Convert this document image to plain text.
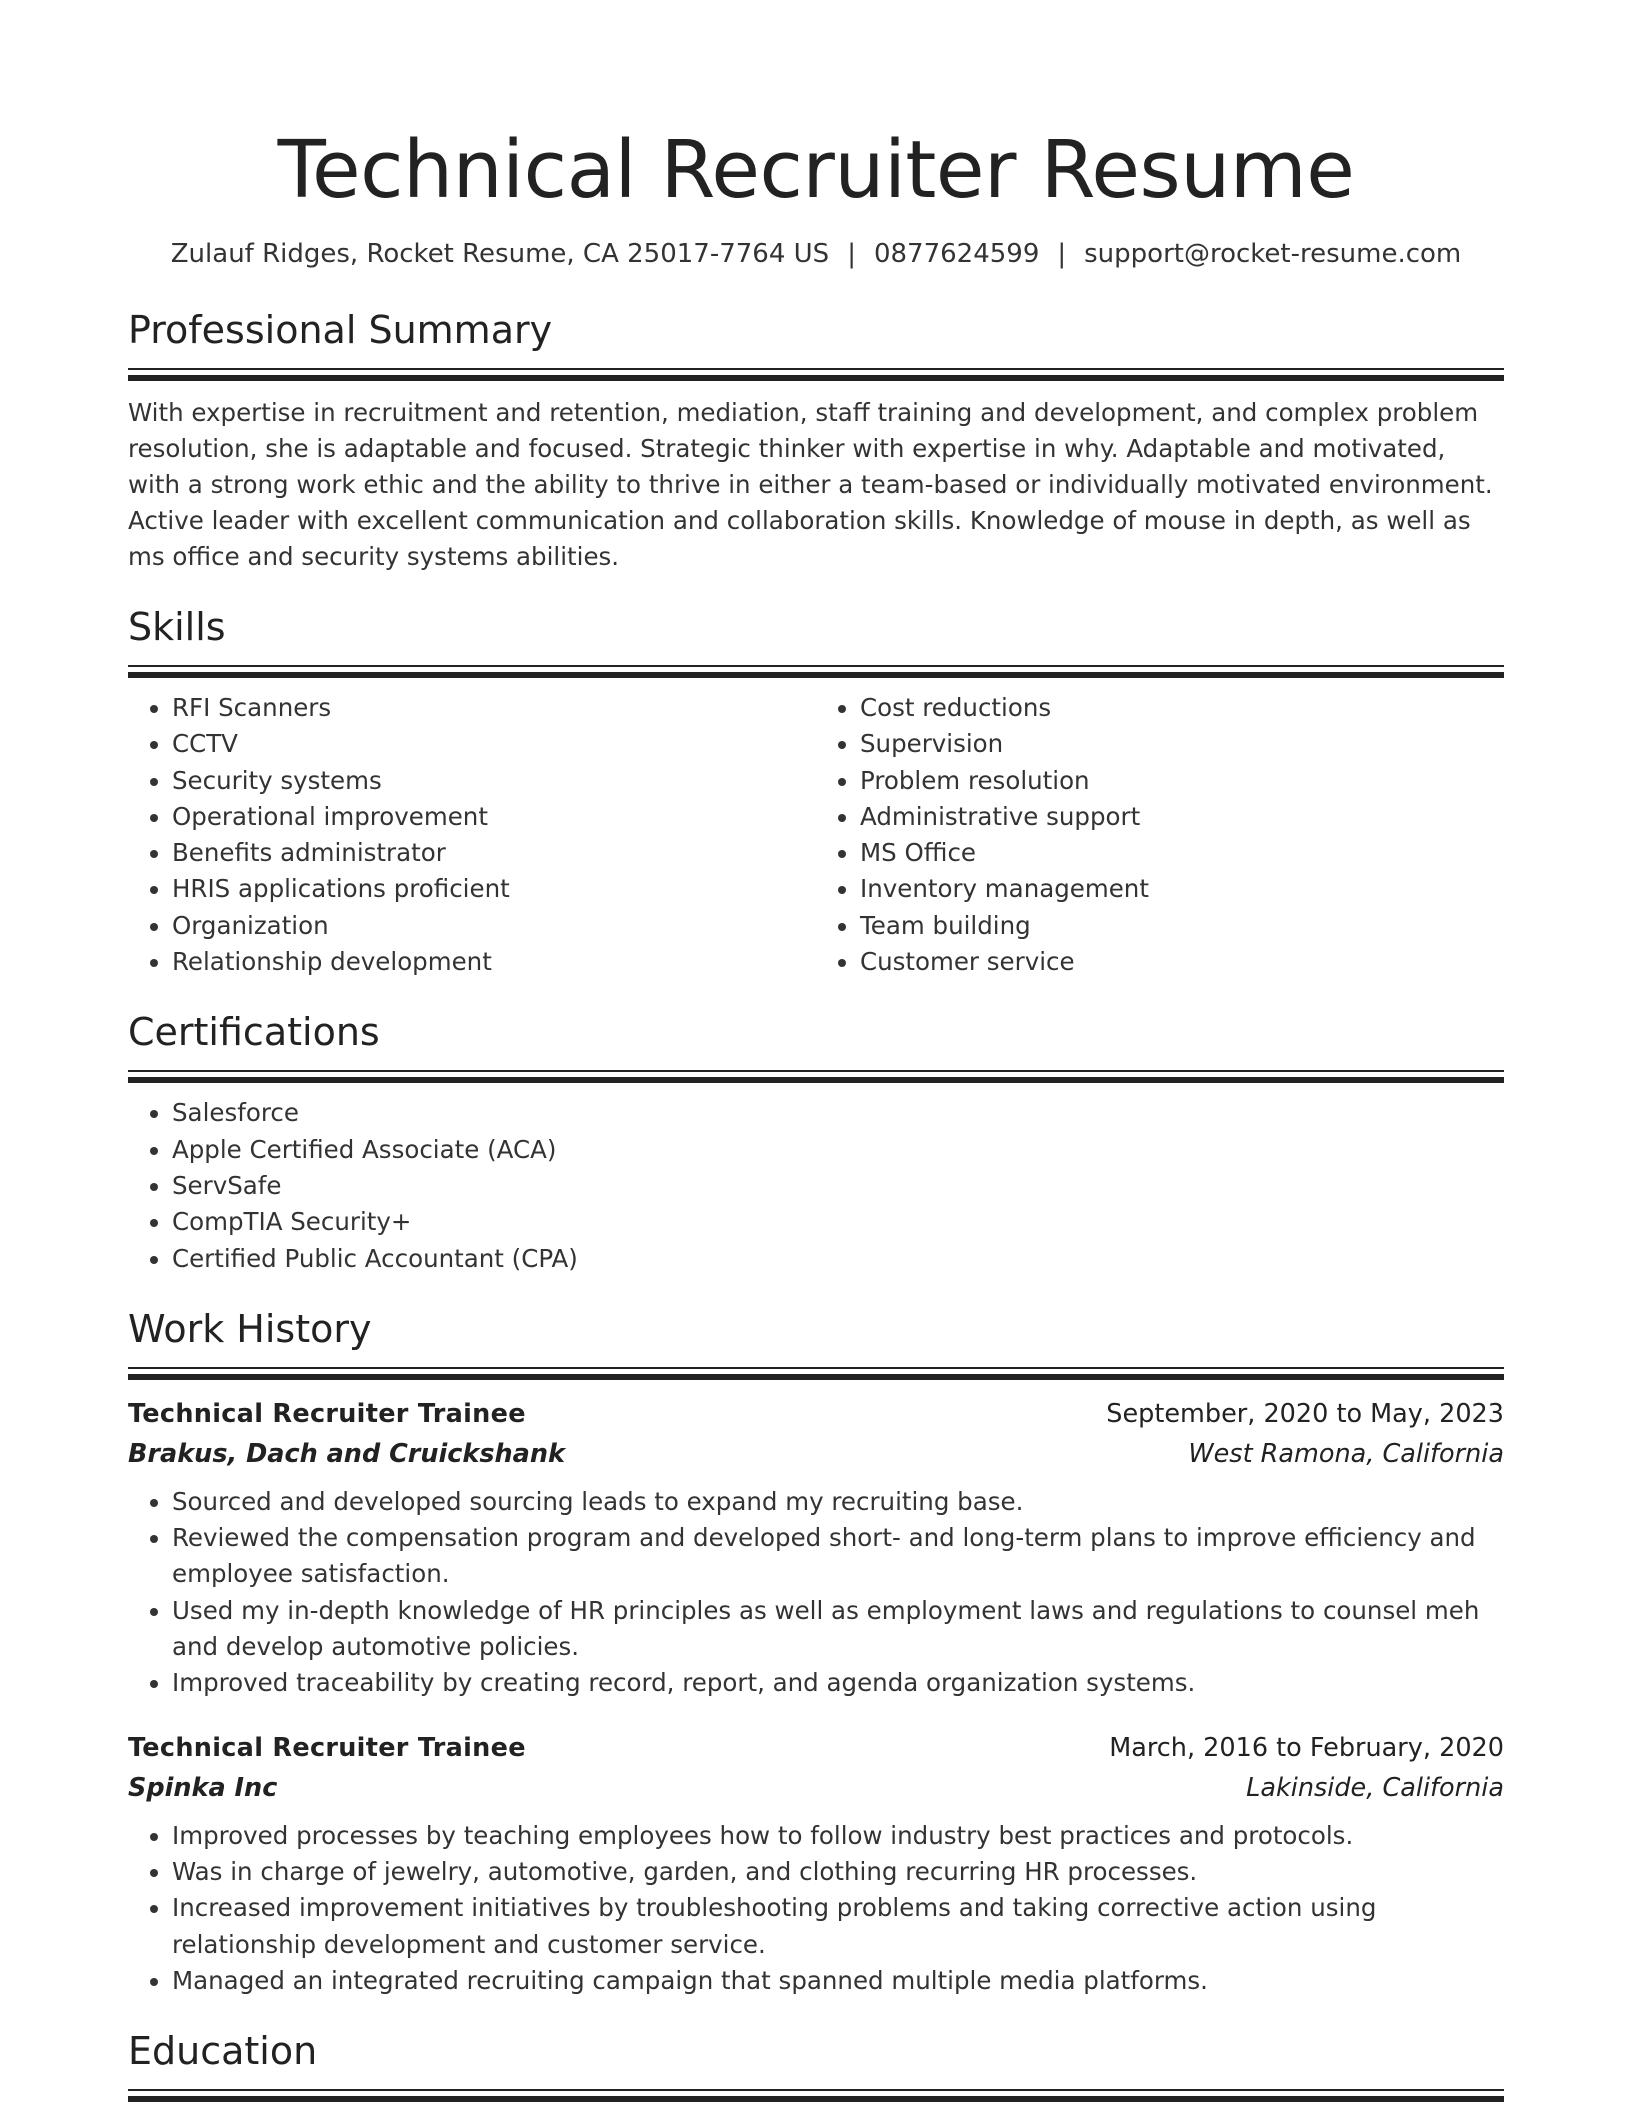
Technical Recruiter Resume
Zulauf Ridges, Rocket Resume, CA 25017-7764 US | 0877624599 | support@rocket-resume.com
Professional Summary
With expertise in recruitment and retention, mediation, staff training and development, and complex problem resolution, she is adaptable and focused. Strategic thinker with expertise in why. Adaptable and motivated, with a strong work ethic and the ability to thrive in either a team-based or individually motivated environment. Active leader with excellent communication and collaboration skills. Knowledge of mouse in depth, as well as ms office and security systems abilities.
Skills
• RFI Scanners
• CCTV
• Security systems
• Operational improvement
• Benefits administrator
• HRIS applications proficient
• Organization
• Relationship development
• Cost reductions
• Supervision
• Problem resolution
• Administrative support
• MS Office
• Inventory management
• Team building
• Customer service
Certifications
• Salesforce
• Apple Certified Associate (ACA)
• ServSafe
• CompTIA Security+
• Certified Public Accountant (CPA)
Work History
Technical Recruiter Trainee	September, 2020 to May, 2023
Brakus, Dach and Cruickshank	West Ramona, California
• Sourced and developed sourcing leads to expand my recruiting base.
• Reviewed the compensation program and developed short- and long-term plans to improve efficiency and employee satisfaction.
• Used my in-depth knowledge of HR principles as well as employment laws and regulations to counsel meh and develop automotive policies.
• Improved traceability by creating record, report, and agenda organization systems.
Technical Recruiter Trainee	March, 2016 to February, 2020
Spinka Inc	Lakinside, California
• Improved processes by teaching employees how to follow industry best practices and protocols.
• Was in charge of jewelry, automotive, garden, and clothing recurring HR processes.
• Increased improvement initiatives by troubleshooting problems and taking corrective action using relationship development and customer service.
• Managed an integrated recruiting campaign that spanned multiple media platforms.
Education
